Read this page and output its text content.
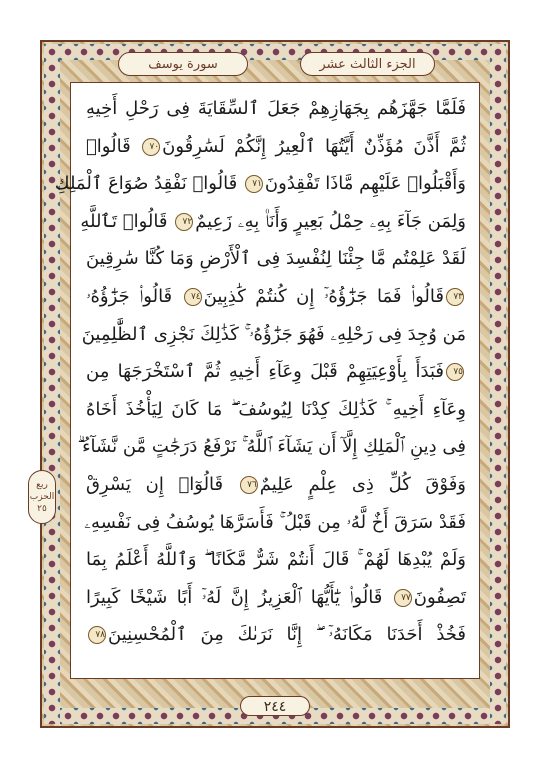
الجزء الثالث عشر
سورة يوسف
فَلَمَّا جَهَّزَهُم بِجَهَازِهِمْ جَعَلَ ٱلسِّقَايَةَ فِى رَحْلِ أَخِيهِ
ثُمَّ أَذَّنَ مُؤَذِّنٌ أَيَّتُهَا ٱلْعِيرُ إِنَّكُمْ لَسَٰرِقُونَ٧٠ قَالُوا۟
وَأَقْبَلُوا۟ عَلَيْهِم مَّاذَا تَفْقِدُونَ٧١ قَالُوا۟ نَفْقِدُ صُوَاعَ ٱلْمَلِكِ
وَلِمَن جَآءَ بِهِۦ حِمْلُ بَعِيرٍ وَأَنَا۠ بِهِۦ زَعِيمٌ٧٢ قَالُوا۟ تَٱللَّهِ
لَقَدْ عَلِمْتُم مَّا جِئْنَا لِنُفْسِدَ فِى ٱلْأَرْضِ وَمَا كُنَّا سَٰرِقِينَ
٧٣قَالُوا۟ فَمَا جَزَٰٓؤُهُۥٓ إِن كُنتُمْ كَٰذِبِينَ٧٤ قَالُوا۟ جَزَٰٓؤُهُۥ
مَن وُجِدَ فِى رَحْلِهِۦ فَهُوَ جَزَٰٓؤُهُۥ ۚ كَذَٰلِكَ نَجْزِى ٱلظَّٰلِمِينَ
٧٥فَبَدَأَ بِأَوْعِيَتِهِمْ قَبْلَ وِعَآءِ أَخِيهِ ثُمَّ ٱسْتَخْرَجَهَا مِن
وِعَآءِ أَخِيهِ ۚ كَذَٰلِكَ كِدْنَا لِيُوسُفَ ۖ مَا كَانَ لِيَأْخُذَ أَخَاهُ
فِى دِينِ ٱلْمَلِكِ إِلَّآ أَن يَشَآءَ ٱللَّهُ ۚ نَرْفَعُ دَرَجَٰتٍ مَّن نَّشَآءُ ۗ
وَفَوْقَ كُلِّ ذِى عِلْمٍ عَلِيمٌ٧٦ قَالُوٓا۟ إِن يَسْرِقْ
فَقَدْ سَرَقَ أَخٌ لَّهُۥ مِن قَبْلُ ۚ فَأَسَرَّهَا يُوسُفُ فِى نَفْسِهِۦ
وَلَمْ يُبْدِهَا لَهُمْ ۚ قَالَ أَنتُمْ شَرٌّ مَّكَانًا ۖ وَٱللَّهُ أَعْلَمُ بِمَا
تَصِفُونَ٧٧ قَالُوا۟ يَٰٓأَيُّهَا ٱلْعَزِيزُ إِنَّ لَهُۥٓ أَبًا شَيْخًا كَبِيرًا
فَخُذْ أَحَدَنَا مَكَانَهُۥٓ ۖ إِنَّا نَرَىٰكَ مِنَ ٱلْمُحْسِنِينَ٧٨
ربع الحزب ٢٥
٢٤٤
